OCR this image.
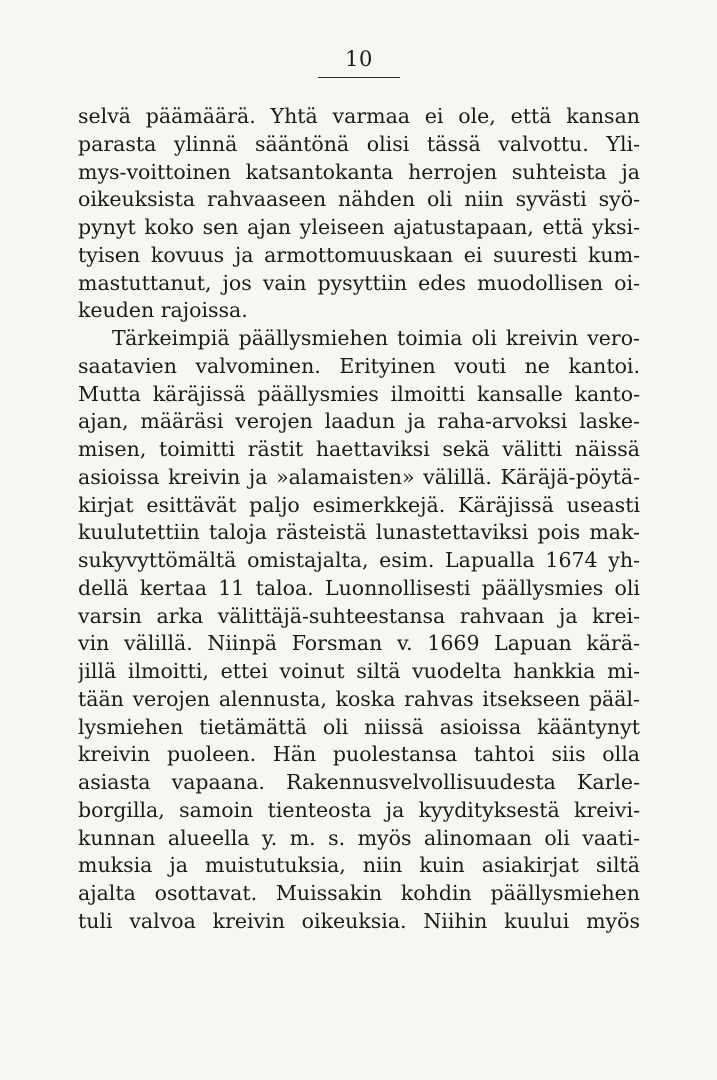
10
selvä päämäärä. Yhtä varmaa ei ole, että kansan
parasta ylinnä sääntönä olisi tässä valvottu. Yli-
mys-voittoinen katsantokanta herrojen suhteista ja
oikeuksista rahvaaseen nähden oli niin syvästi syö-
pynyt koko sen ajan yleiseen ajatustapaan, että yksi-
tyisen kovuus ja armottomuuskaan ei suuresti kum-
mastuttanut, jos vain pysyttiin edes muodollisen oi-
keuden rajoissa.
Tärkeimpiä päällysmiehen toimia oli kreivin vero-
saatavien valvominen. Erityinen vouti ne kantoi.
Mutta käräjissä päällysmies ilmoitti kansalle kanto-
ajan, määräsi verojen laadun ja raha-arvoksi laske-
misen, toimitti rästit haettaviksi sekä välitti näissä
asioissa kreivin ja »alamaisten» välillä. Käräjä-pöytä-
kirjat esittävät paljo esimerkkejä. Käräjissä useasti
kuulutettiin taloja rästeistä lunastettaviksi pois mak-
sukyvyttömältä omistajalta, esim. Lapualla 1674 yh-
dellä kertaa 11 taloa. Luonnollisesti päällysmies oli
varsin arka välittäjä-suhteestansa rahvaan ja krei-
vin välillä. Niinpä Forsman v. 1669 Lapuan kärä-
jillä ilmoitti, ettei voinut siltä vuodelta hankkia mi-
tään verojen alennusta, koska rahvas itsekseen pääl-
lysmiehen tietämättä oli niissä asioissa kääntynyt
kreivin puoleen. Hän puolestansa tahtoi siis olla
asiasta vapaana. Rakennusvelvollisuudesta Karle-
borgilla, samoin tienteosta ja kyydityksestä kreivi-
kunnan alueella y. m. s. myös alinomaan oli vaati-
muksia ja muistutuksia, niin kuin asiakirjat siltä
ajalta osottavat. Muissakin kohdin päällysmiehen
tuli valvoa kreivin oikeuksia. Niihin kuului myös
